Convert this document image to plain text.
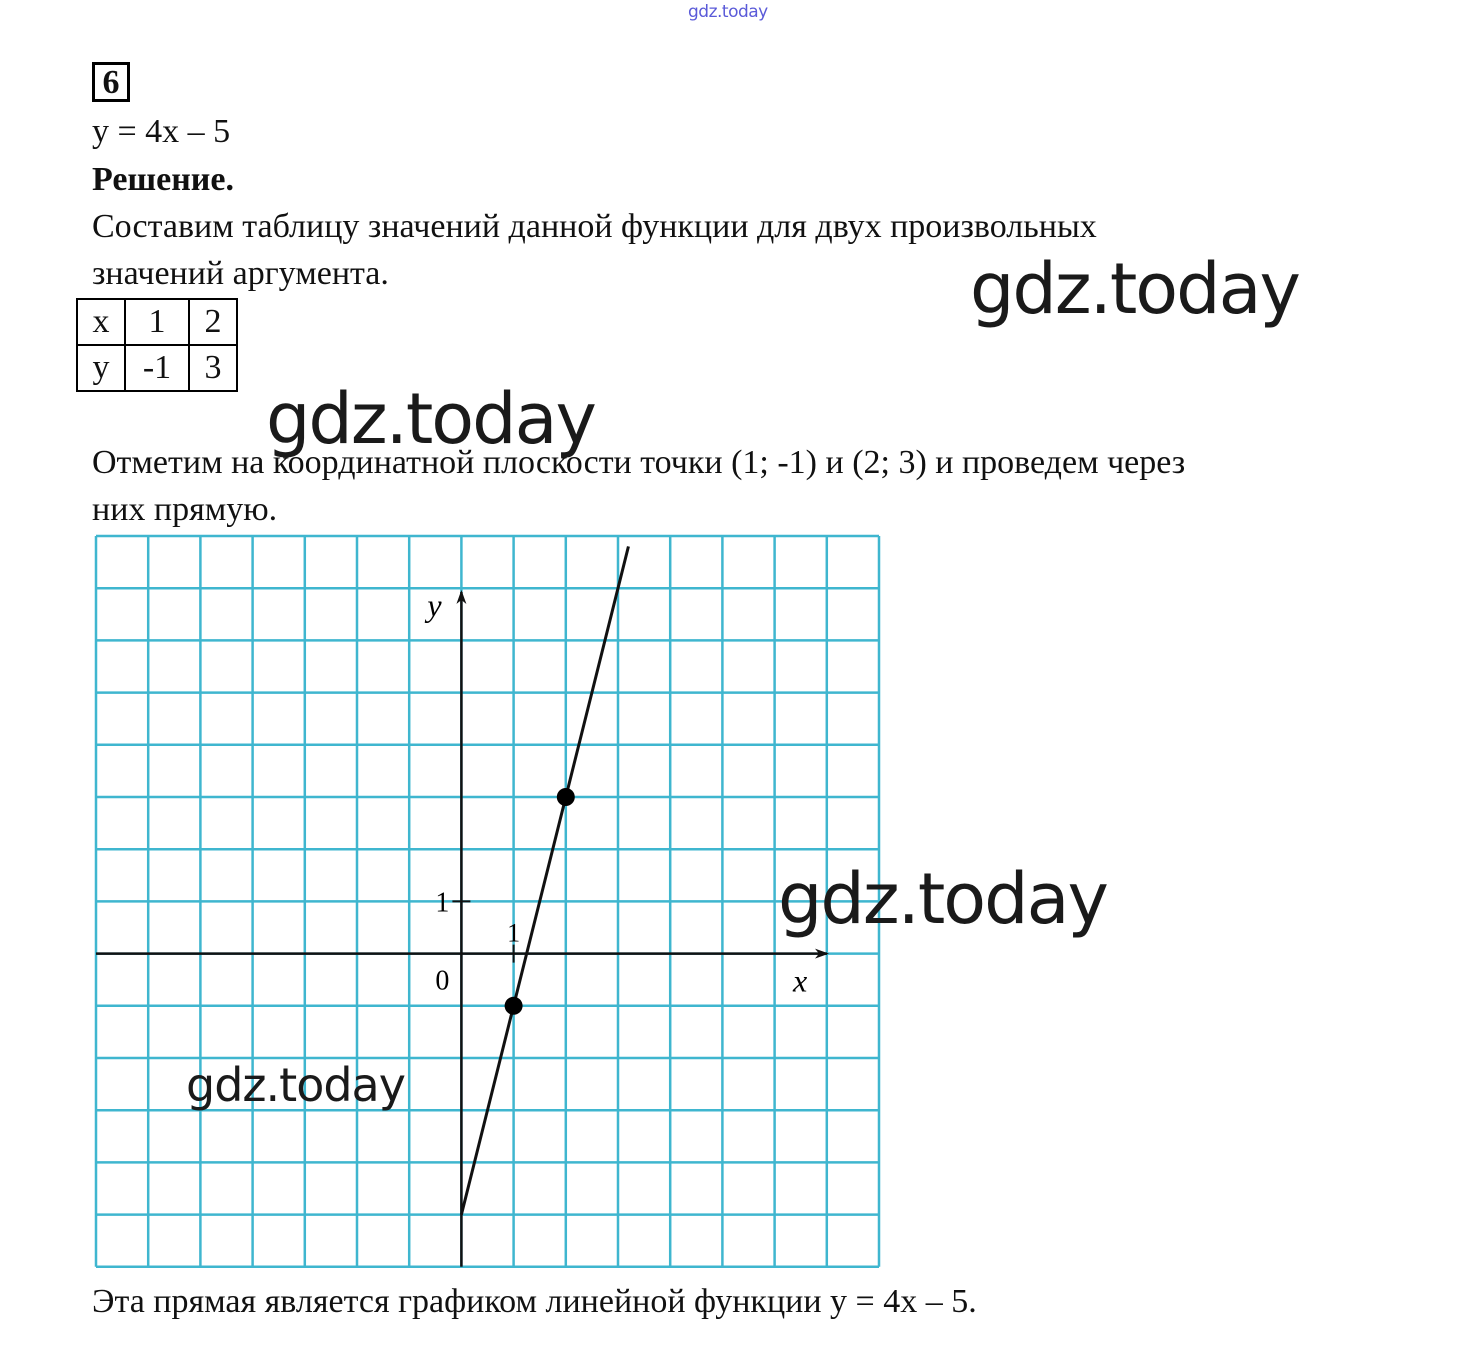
gdz.today
6
y = 4x – 5
Решение.
Составим таблицу значений данной функции для двух произвольных
значений аргумента.	gdz.today
x	1	2
y	-1	3
gdz.today
Отметим на координатной плоскости точки (1; -1) и (2; 3) и проведем через
них прямую.
1
1
0	x
y
gdz.today
gdz.today
Эта прямая является графиком линейной функции y = 4x – 5.
